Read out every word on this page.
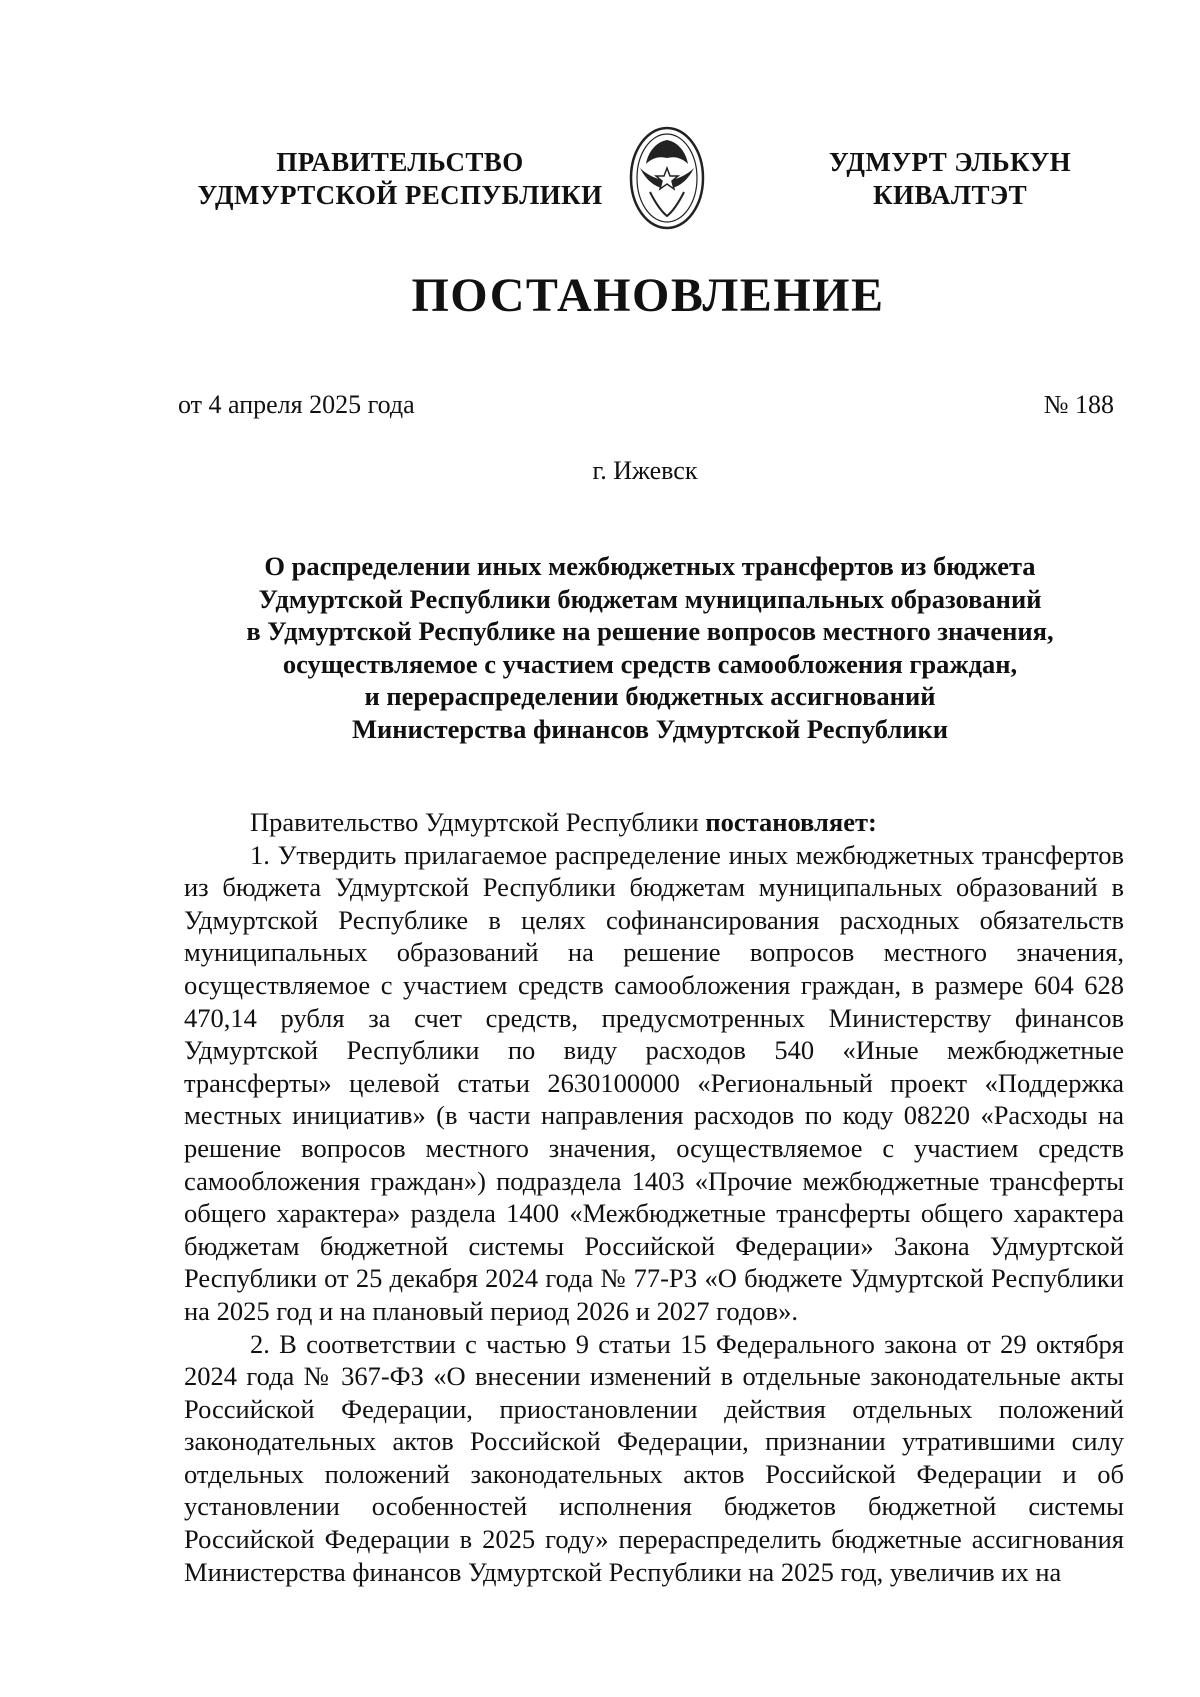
ПРАВИТЕЛЬСТВО
УДМУРТСКОЙ РЕСПУБЛИКИ
УДМУРТ ЭЛЬКУН
КИВАЛТЭТ
ПОСТАНОВЛЕНИЕ
от 4 апреля 2025 года	№ 188
г. Ижевск
О распределении иных межбюджетных трансфертов из бюджета
Удмуртской Республики бюджетам муниципальных образований
в Удмуртской Республике на решение вопросов местного значения,
осуществляемое с участием средств самообложения граждан,
и перераспределении бюджетных ассигнований
Министерства финансов Удмуртской Республики

Правительство Удмуртской Республики постановляет:

1. Утвердить прилагаемое распределение иных межбюджетных трансфертов из бюджета Удмуртской Республики бюджетам муниципальных образований в Удмуртской Республике в целях софинансирования расходных обязательств муниципальных образований на решение вопросов местного значения, осуществляемое с участием средств самообложения граждан, в размере 604 628 470,14 рубля за счет средств, предусмотренных Министерству финансов Удмуртской Республики по виду расходов 540 «Иные межбюджетные трансферты» целевой статьи 2630100000 «Региональный проект «Поддержка местных инициатив» (в части направления расходов по коду 08220 «Расходы на решение вопросов местного значения, осуществляемое с участием средств самообложения граждан») подраздела 1403 «Прочие межбюджетные трансферты общего характера» раздела 1400 «Межбюджетные трансферты общего характера бюджетам бюджетной системы Российской Федерации» Закона Удмуртской Республики от 25 декабря 2024 года № 77-РЗ «О бюджете Удмуртской Республики на 2025 год и на плановый период 2026 и 2027 годов».

2. В соответствии с частью 9 статьи 15 Федерального закона от 29 октября 2024 года № 367-ФЗ «О внесении изменений в отдельные законодательные акты Российской Федерации, приостановлении действия отдельных положений законодательных актов Российской Федерации, признании утратившими силу отдельных положений законодательных актов Российской Федерации и об установлении особенностей исполнения бюджетов бюджетной системы Российской Федерации в 2025 году» перераспределить бюджетные ассигнования Министерства финансов Удмуртской Республики на 2025 год, увеличив их на
